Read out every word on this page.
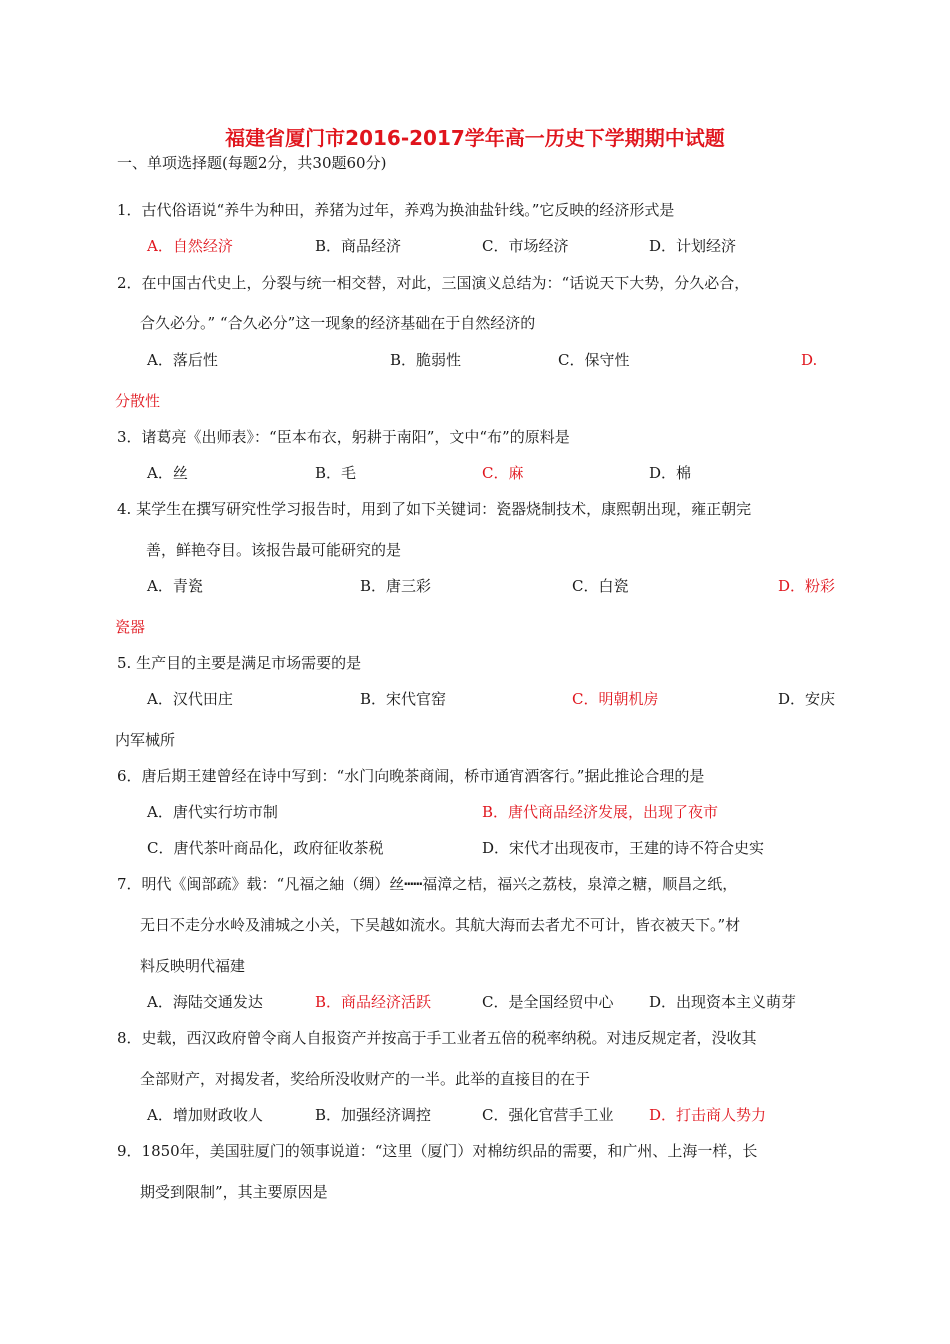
福建省厦门市2016-2017学年高一历史下学期期中试题
一、单项选择题(每题2分，共30题60分)
1．古代俗语说“养牛为种田，养猪为过年，养鸡为换油盐针线。”它反映的经济形式是
A．自然经济	B．商品经济	C．市场经济	D．计划经济
2．在中国古代史上，分裂与统一相交替，对此，三国演义总结为：“话说天下大势，分久必合，
合久必分。” “合久必分”这一现象的经济基础在于自然经济的
A．落后性	B．脆弱性	C．保守性	D.
分散性
3．诸葛亮《出师表》：“臣本布衣，躬耕于南阳”，文中“布”的原料是
A．丝	B．毛	C．麻	D．棉
4. 某学生在撰写研究性学习报告时，用到了如下关键词：瓷器烧制技术，康熙朝出现，雍正朝完
善，鲜艳夺目。该报告最可能研究的是
A．青瓷	B．唐三彩	C．白瓷	D．粉彩
瓷器
5. 生产目的主要是满足市场需要的是
A．汉代田庄	B．宋代官窑	C．明朝机房	D．安庆
内军械所
6．唐后期王建曾经在诗中写到：“水门向晚茶商闹，桥市通宵酒客行。”据此推论合理的是
A．唐代实行坊市制	B．唐代商品经济发展，出现了夜市
C．唐代茶叶商品化，政府征收茶税	D．宋代才出现夜市，王建的诗不符合史实
7．明代《闽部疏》载：“凡福之紬（绸）丝┅┅福漳之桔，福兴之荔枝，泉漳之糖，顺昌之纸，
无日不走分水岭及浦城之小关，下吴越如流水。其航大海而去者尤不可计，皆衣被天下。”材
料反映明代福建
A．海陆交通发达	B．商品经济活跃	C．是全国经贸中心 D．出现资本主义萌芽
8．史载，西汉政府曾令商人自报资产并按高于手工业者五倍的税率纳税。对违反规定者，没收其
全部财产，对揭发者，奖给所没收财产的一半。此举的直接目的在于
A．增加财政收人	B．加强经济调控	C．强化官营手工业 D．打击商人势力
9．1850年，美国驻厦门的领事说道：“这里（厦门）对棉纺织品的需要，和广州、上海一样，长
期受到限制”，其主要原因是
